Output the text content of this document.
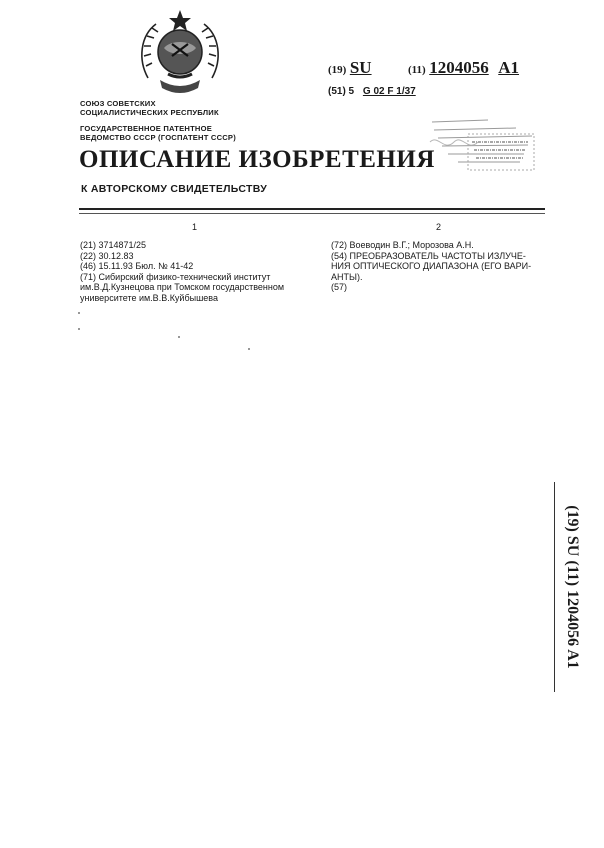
(19) SU	(11) 1204056 A1
(51) 5 G 02 F 1/37
СОЮЗ СОВЕТСКИХ
СОЦИАЛИСТИЧЕСКИХ РЕСПУБЛИК
ГОСУДАРСТВЕННОЕ ПАТЕНТНОЕ
ВЕДОМСТВО СССР (ГОСПАТЕНТ СССР)
ОПИСАНИЕ ИЗОБРЕТЕНИЯ
К АВТОРСКОМУ СВИДЕТЕЛЬСТВУ
1	2
(21) 3714871/25
(22) 30.12.83
(46) 15.11.93 Бюл. № 41-42
(71) Сибирский физико-технический институт
им.В.Д.Кузнецова при Томском государственном
университете им.В.В.Куйбышева
(72) Воеводин В.Г.; Морозова А.Н.
(54) ПРЕОБРАЗОВАТЕЛЬ ЧАСТОТЫ ИЗЛУЧЕ-
НИЯ ОПТИЧЕСКОГО ДИАПАЗОНА (ЕГО ВАРИ-
АНТЫ).
(57)
(19) SU (11) 1204056 A1
